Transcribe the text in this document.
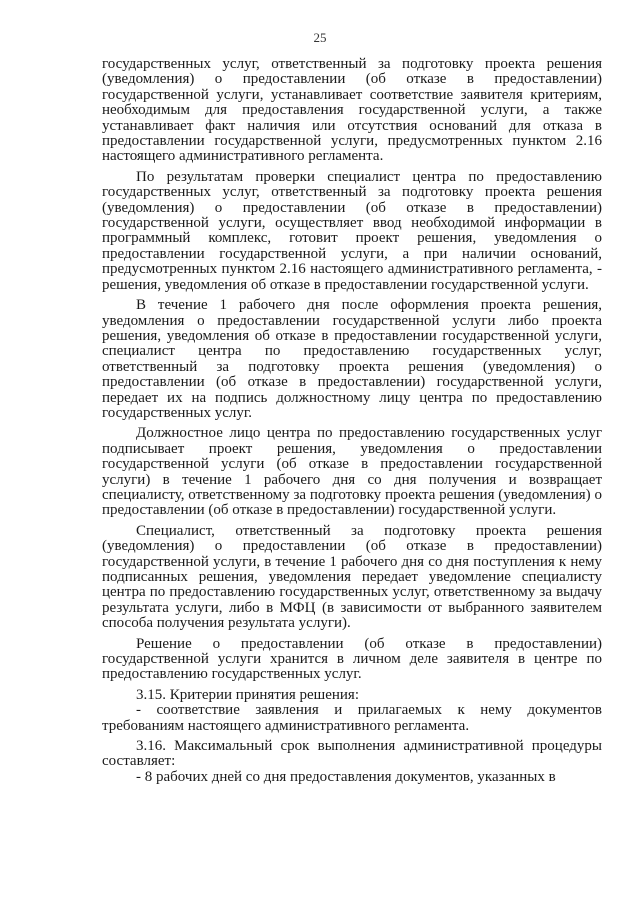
25

государственных услуг, ответственный за подготовку проекта решения (уведомления) о предоставлении (об отказе в предоставлении) государственной услуги, устанавливает соответствие заявителя критериям, необходимым для предоставления государственной услуги, а также устанавливает факт наличия или отсутствия оснований для отказа в предоставлении государственной услуги, предусмотренных пунктом 2.16 настоящего административного регламента.

По результатам проверки специалист центра по предоставлению государственных услуг, ответственный за подготовку проекта решения (уведомления) о предоставлении (об отказе в предоставлении) государственной услуги, осуществляет ввод необходимой информации в программный комплекс, готовит проект решения, уведомления о предоставлении государственной услуги, а при наличии оснований, предусмотренных пунктом 2.16 настоящего административного регламента, - решения, уведомления об отказе в предоставлении государственной услуги.

В течение 1 рабочего дня после оформления проекта решения, уведомления о предоставлении государственной услуги либо проекта решения, уведомления об отказе в предоставлении государственной услуги, специалист центра по предоставлению государственных услуг, ответственный за подготовку проекта решения (уведомления) о предоставлении (об отказе в предоставлении) государственной услуги, передает их на подпись должностному лицу центра по предоставлению государственных услуг.

Должностное лицо центра по предоставлению государственных услуг подписывает проект решения, уведомления о предоставлении государственной услуги (об отказе в предоставлении государственной услуги) в течение 1 рабочего дня со дня получения и возвращает специалисту, ответственному за подготовку проекта решения (уведомления) о предоставлении (об отказе в предоставлении) государственной услуги.

Специалист, ответственный за подготовку проекта решения (уведомления) о предоставлении (об отказе в предоставлении) государственной услуги, в течение 1 рабочего дня со дня поступления к нему подписанных решения, уведомления передает уведомление специалисту центра по предоставлению государственных услуг, ответственному за выдачу результата услуги, либо в МФЦ (в зависимости от выбранного заявителем способа получения результата услуги).

Решение о предоставлении (об отказе в предоставлении) государственной услуги хранится в личном деле заявителя в центре по предоставлению государственных услуг.

3.15. Критерии принятия решения:

- соответствие заявления и прилагаемых к нему документов требованиям настоящего административного регламента.

3.16. Максимальный срок выполнения административной процедуры составляет:

- 8 рабочих дней со дня предоставления документов, указанных в
